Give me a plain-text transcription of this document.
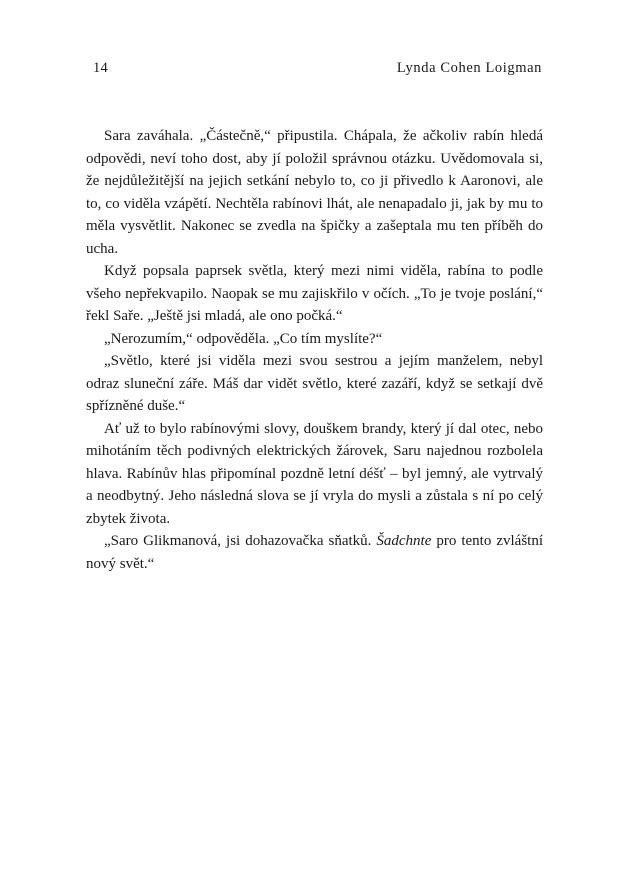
14	Lynda Cohen Loigman

Sara zaváhala. „Částečně,“ připustila. Chápala, že ačkoliv rabín hledá odpovědi, neví toho dost, aby jí položil správnou otázku. Uvědomovala si, že nejdůležitější na jejich setkání nebylo to, co ji přivedlo k Aaronovi, ale to, co viděla vzápětí. Nechtěla rabínovi lhát, ale nenapadalo ji, jak by mu to měla vysvětlit. Nakonec se zvedla na špičky a zašeptala mu ten příběh do ucha.

Když popsala paprsek světla, který mezi nimi viděla, rabína to podle všeho nepřekvapilo. Naopak se mu zajiskřilo v očích. „To je tvoje poslání,“ řekl Saře. „Ještě jsi mladá, ale ono počká.“

„Nerozumím,“ odpověděla. „Co tím myslíte?“

„Světlo, které jsi viděla mezi svou sestrou a jejím manželem, nebyl odraz sluneční záře. Máš dar vidět světlo, které zazáří, když se setkají dvě spřízněné duše.“

Ať už to bylo rabínovými slovy, douškem brandy, který jí dal otec, nebo mihotáním těch podivných elektrických žárovek, Saru najednou rozbolela hlava. Rabínův hlas připomínal pozdně letní déšť – byl jemný, ale vytrvalý a neodbytný. Jeho následná slova se jí vryla do mysli a zůstala s ní po celý zbytek života.

„Saro Glikmanová, jsi dohazovačka sňatků. Šadchnte pro tento zvláštní nový svět.“
